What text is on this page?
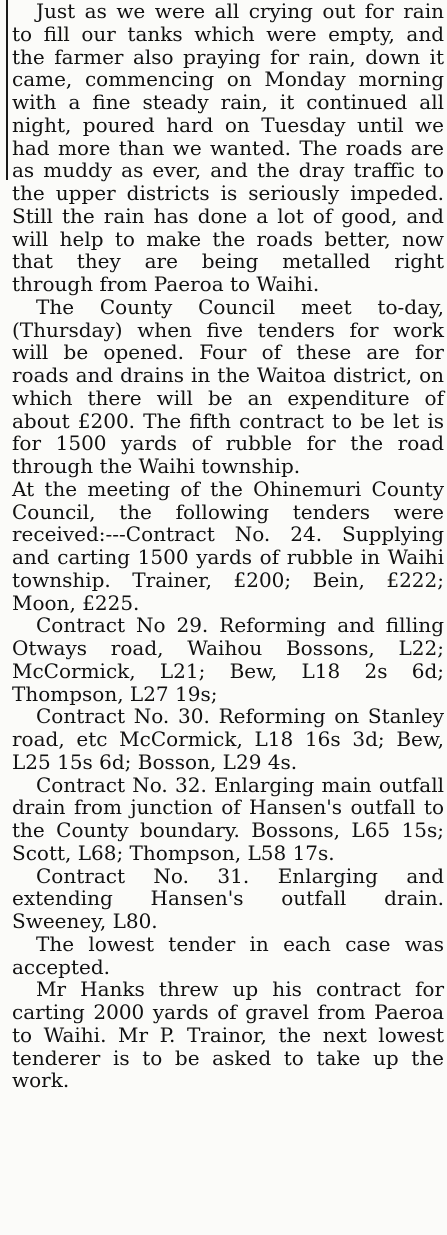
Just as we were all crying out for rain to fill our tanks which were empty, and the farmer also praying for rain, down it came, commencing on Monday morning with a fine steady rain, it continued all night, poured hard on Tuesday until we had more than we wanted. The roads are as muddy as ever, and the dray traffic to the upper districts is seriously impeded. Still the rain has done a lot of good, and will help to make the roads better, now that they are being metalled right through from Paeroa to Waihi.

The County Council meet to-day, (Thursday) when five tenders for work will be opened. Four of these are for roads and drains in the Waitoa district, on which there will be an expenditure of about £200. The fifth contract to be let is for 1500 yards of rubble for the road through the Waihi township.

At the meeting of the Ohinemuri County Council, the following tenders were received:---Contract No. 24. Supplying and carting 1500 yards of rubble in Waihi township. Trainer, £200; Bein, £222; Moon, £225.

Contract No 29. Reforming and filling Otways road, Waihou Bossons, L22; McCormick, L21; Bew, L18 2s 6d; Thompson, L27 19s;

Contract No. 30. Reforming on Stanley road, etc McCormick, L18 16s 3d; Bew, L25 15s 6d; Bosson, L29 4s.

Contract No. 32. Enlarging main outfall drain from junction of Hansen's outfall to the County boundary. Bossons, L65 15s; Scott, L68; Thompson, L58 17s.

Contract No. 31. Enlarging and extending Hansen's outfall drain. Sweeney, L80.

The lowest tender in each case was accepted.

Mr Hanks threw up his contract for carting 2000 yards of gravel from Paeroa to Waihi. Mr P. Trainor, the next lowest tenderer is to be asked to take up the work.
